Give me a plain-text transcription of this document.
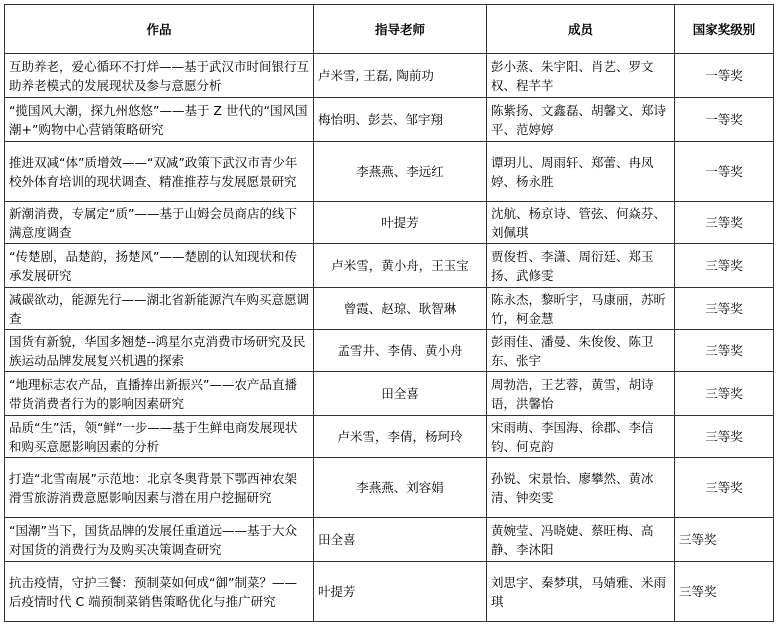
作品	指导老师	成员	国家奖级别
互助养老，爱心循环不打烊——基于武汉市时间银行互助养老模式的发展现状及参与意愿分析	卢米雪, 王磊, 陶前功	彭小蒸、朱宇阳、肖艺、罗文权、程芊芊	一等奖
“揽国风大潮，探九州悠悠”——基于 Z 世代的“国风国潮+”购物中心营销策略研究	梅怡明、彭芸、邹宇翔	陈紫扬、文鑫磊、胡馨文、郑诗平、范婷婷	一等奖
推进双减“体”质增效——“双减”政策下武汉市青少年校外体育培训的现状调查、精准推荐与发展愿景研究	李燕燕、李远红	谭玥儿、周雨轩、郑蕾、冉凤婷、杨永胜	一等奖
新潮消费，专属定“质”——基于山姆会员商店的线下满意度调查	叶提芳	沈航、杨京诗、管弦、何焱芬、刘佩琪	三等奖
“传楚剧，品楚韵，扬楚风”——楚剧的认知现状和传承发展研究	卢米雪，黄小舟，王玉宝	贾俊哲、李潇、周衍廷、郑玉扬、武修雯	三等奖
减碳欲动，能源先行——湖北省新能源汽车购买意愿调查	曾霞、赵琼、耿智琳	陈永杰，黎昕宇，马康丽，苏昕竹，柯金慧	三等奖
国货有新貌，华国多翘楚--鸿星尔克消费市场研究及民族运动品牌发展复兴机遇的探索	孟雪井、李倩、黄小舟	彭雨佳、潘曼、朱俊俊、陈卫东、张宇	三等奖
“地理标志农产品，直播捧出新振兴”——农产品直播带货消费者行为的影响因素研究	田全喜	周勃浩，王艺蓉，黄雪，胡诗语，洪馨怡	三等奖
品质“生”活，领“鲜”一步——基于生鲜电商发展现状和购买意愿影响因素的分析	卢米雪，李倩，杨珂玲	宋雨萌、李国海、徐郡、李信钧、何克韵	三等奖
打造“北雪南展”示范地：北京冬奥背景下鄂西神农架滑雪旅游消费意愿影响因素与潜在用户挖掘研究	李燕燕、刘容娟	孙锐、宋景怡、廖攀然、黄冰清、钟奕雯	三等奖
“国潮”当下，国货品牌的发展任重道远——基于大众对国货的消费行为及购买决策调查研究	田全喜	黄婉莹、冯晓婕、蔡旺梅、高静、李沐阳	三等奖
抗击疫情，守护三餐：预制菜如何成“御”制菜？——后疫情时代 C 端预制菜销售策略优化与推广研究	叶提芳	刘思宇、秦梦琪，马婧雅、米雨琪	三等奖
